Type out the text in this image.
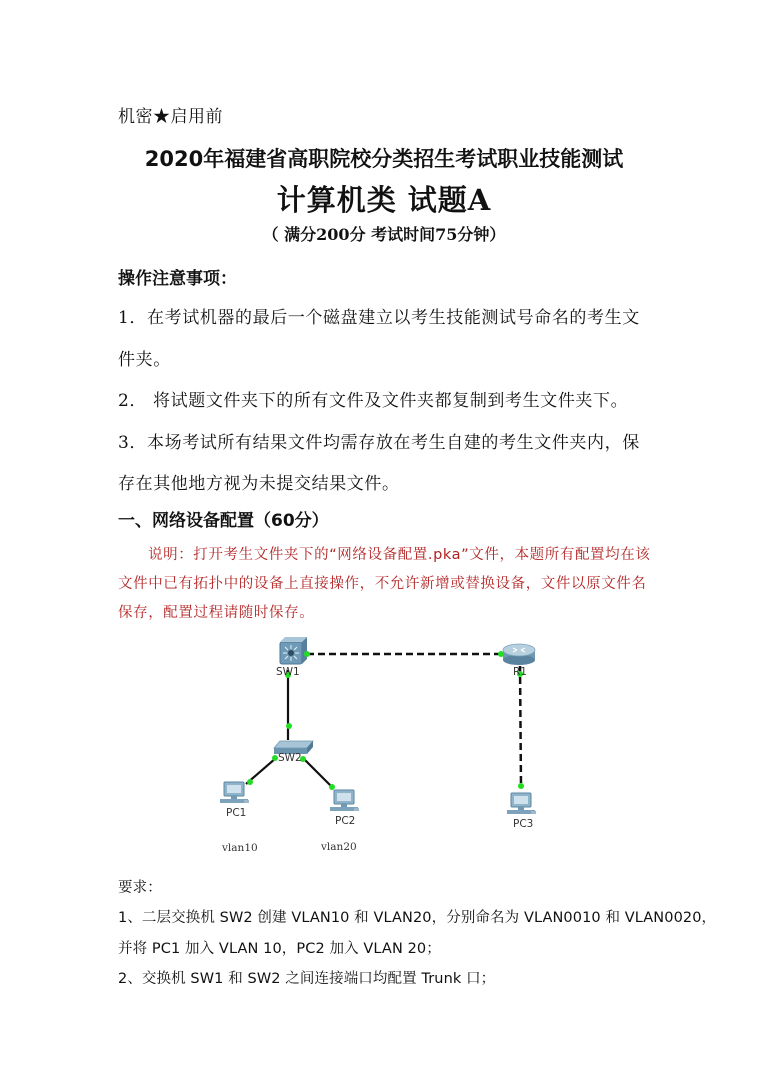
机密★启用前
2020年福建省高职院校分类招生考试职业技能测试
计算机类 试题A
（ 满分200分 考试时间75分钟）
操作注意事项：
1．在考试机器的最后一个磁盘建立以考生技能测试号命名的考生文
件夹。
2． 将试题文件夹下的所有文件及文件夹都复制到考生文件夹下。
3．本场考试所有结果文件均需存放在考生自建的考生文件夹内，保
存在其他地方视为未提交结果文件。
一、网络设备配置（60分）
说明：打开考生文件夹下的“网络设备配置.pka”文件，本题所有配置均在该
文件中已有拓扑中的设备上直接操作，不允许新增或替换设备，文件以原文件名
保存，配置过程请随时保存。
SW1	R1
SW2
PC1
PC2	PC3
vlan10	vlan20
要求：
1、二层交换机 SW2 创建 VLAN10 和 VLAN20，分别命名为 VLAN0010 和 VLAN0020，
并将 PC1 加入 VLAN 10，PC2 加入 VLAN 20；
2、交换机 SW1 和 SW2 之间连接端口均配置 Trunk 口；
